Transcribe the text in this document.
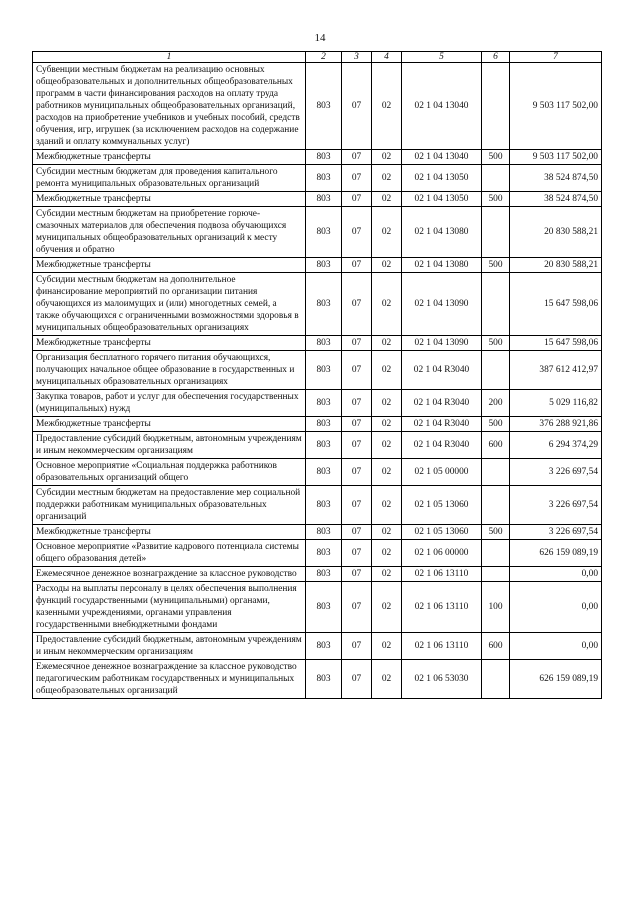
14
1	2	3	4	5	6	7
Субвенции местным бюджетам на реализацию основных общеобразовательных и дополнительных общеобразовательных программ в части финансирования расходов на оплату труда работников муниципальных общеобразовательных организаций, расходов на приобретение учебников и учебных пособий, средств обучения, игр, игрушек (за исключением расходов на содержание зданий и оплату коммунальных услуг)	803	07	02	02 1 04 13040		9 503 117 502,00
Межбюджетные трансферты	803	07	02	02 1 04 13040	500	9 503 117 502,00
Субсидии местным бюджетам для проведения капитального ремонта муниципальных образовательных организаций	803	07	02	02 1 04 13050		38 524 874,50
Межбюджетные трансферты	803	07	02	02 1 04 13050	500	38 524 874,50
Субсидии местным бюджетам на приобретение горюче-смазочных материалов для обеспечения подвоза обучающихся муниципальных общеобразовательных организаций к месту обучения и обратно	803	07	02	02 1 04 13080		20 830 588,21
Межбюджетные трансферты	803	07	02	02 1 04 13080	500	20 830 588,21
Субсидии местным бюджетам на дополнительное финансирование мероприятий по организации питания обучающихся из малоимущих и (или) многодетных семей, а также обучающихся с ограниченными возможностями здоровья в муниципальных общеобразовательных организациях	803	07	02	02 1 04 13090		15 647 598,06
Межбюджетные трансферты	803	07	02	02 1 04 13090	500	15 647 598,06
Организация бесплатного горячего питания обучающихся, получающих начальное общее образование в государственных и муниципальных образовательных организациях	803	07	02	02 1 04 R3040		387 612 412,97
Закупка товаров, работ и услуг для обеспечения государственных (муниципальных) нужд	803	07	02	02 1 04 R3040	200	5 029 116,82
Межбюджетные трансферты	803	07	02	02 1 04 R3040	500	376 288 921,86
Предоставление субсидий бюджетным, автономным учреждениям и иным некоммерческим организациям	803	07	02	02 1 04 R3040	600	6 294 374,29
Основное мероприятие «Социальная поддержка работников образовательных организаций общего	803	07	02	02 1 05 00000		3 226 697,54
Субсидии местным бюджетам на предоставление мер социальной поддержки работникам муниципальных образовательных организаций	803	07	02	02 1 05 13060		3 226 697,54
Межбюджетные трансферты	803	07	02	02 1 05 13060	500	3 226 697,54
Основное мероприятие «Развитие кадрового потенциала системы общего образования детей»	803	07	02	02 1 06 00000		626 159 089,19
Ежемесячное денежное вознаграждение за классное руководство	803	07	02	02 1 06 13110		0,00
Расходы на выплаты персоналу в целях обеспечения выполнения функций государственными (муниципальными) органами, казенными учреждениями, органами управления государственными внебюджетными фондами	803	07	02	02 1 06 13110	100	0,00
Предоставление субсидий бюджетным, автономным учреждениям и иным некоммерческим организациям	803	07	02	02 1 06 13110	600	0,00
Ежемесячное денежное вознаграждение за классное руководство педагогическим работникам государственных и муниципальных общеобразовательных организаций	803	07	02	02 1 06 53030		626 159 089,19
